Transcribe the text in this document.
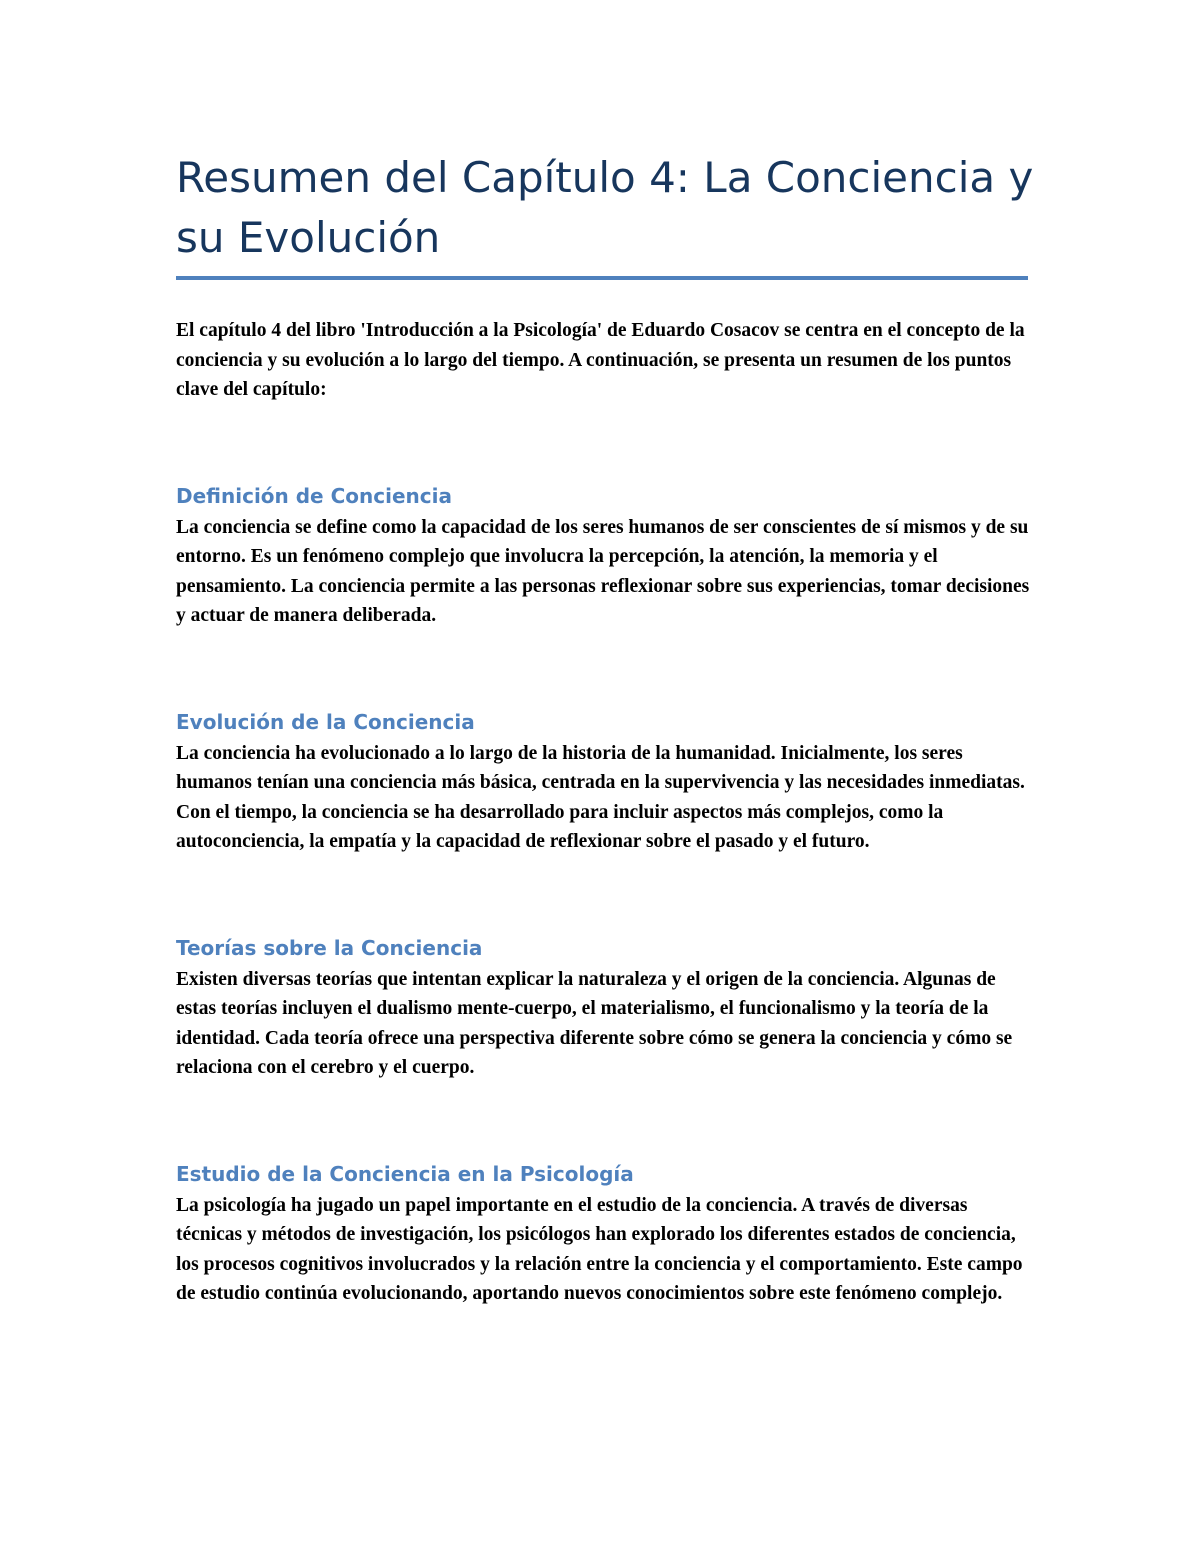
Resumen del Capítulo 4: La Conciencia y su Evolución

El capítulo 4 del libro 'Introducción a la Psicología' de Eduardo Cosacov se centra en el concepto de la conciencia y su evolución a lo largo del tiempo. A continuación, se presenta un resumen de los puntos clave del capítulo:

Definición de Conciencia

La conciencia se define como la capacidad de los seres humanos de ser conscientes de sí mismos y de su entorno. Es un fenómeno complejo que involucra la percepción, la atención, la memoria y el pensamiento. La conciencia permite a las personas reflexionar sobre sus experiencias, tomar decisiones y actuar de manera deliberada.

Evolución de la Conciencia

La conciencia ha evolucionado a lo largo de la historia de la humanidad. Inicialmente, los seres humanos tenían una conciencia más básica, centrada en la supervivencia y las necesidades inmediatas. Con el tiempo, la conciencia se ha desarrollado para incluir aspectos más complejos, como la autoconciencia, la empatía y la capacidad de reflexionar sobre el pasado y el futuro.

Teorías sobre la Conciencia

Existen diversas teorías que intentan explicar la naturaleza y el origen de la conciencia. Algunas de estas teorías incluyen el dualismo mente-cuerpo, el materialismo, el funcionalismo y la teoría de la identidad. Cada teoría ofrece una perspectiva diferente sobre cómo se genera la conciencia y cómo se relaciona con el cerebro y el cuerpo.

Estudio de la Conciencia en la Psicología

La psicología ha jugado un papel importante en el estudio de la conciencia. A través de diversas técnicas y métodos de investigación, los psicólogos han explorado los diferentes estados de conciencia, los procesos cognitivos involucrados y la relación entre la conciencia y el comportamiento. Este campo de estudio continúa evolucionando, aportando nuevos conocimientos sobre este fenómeno complejo.
